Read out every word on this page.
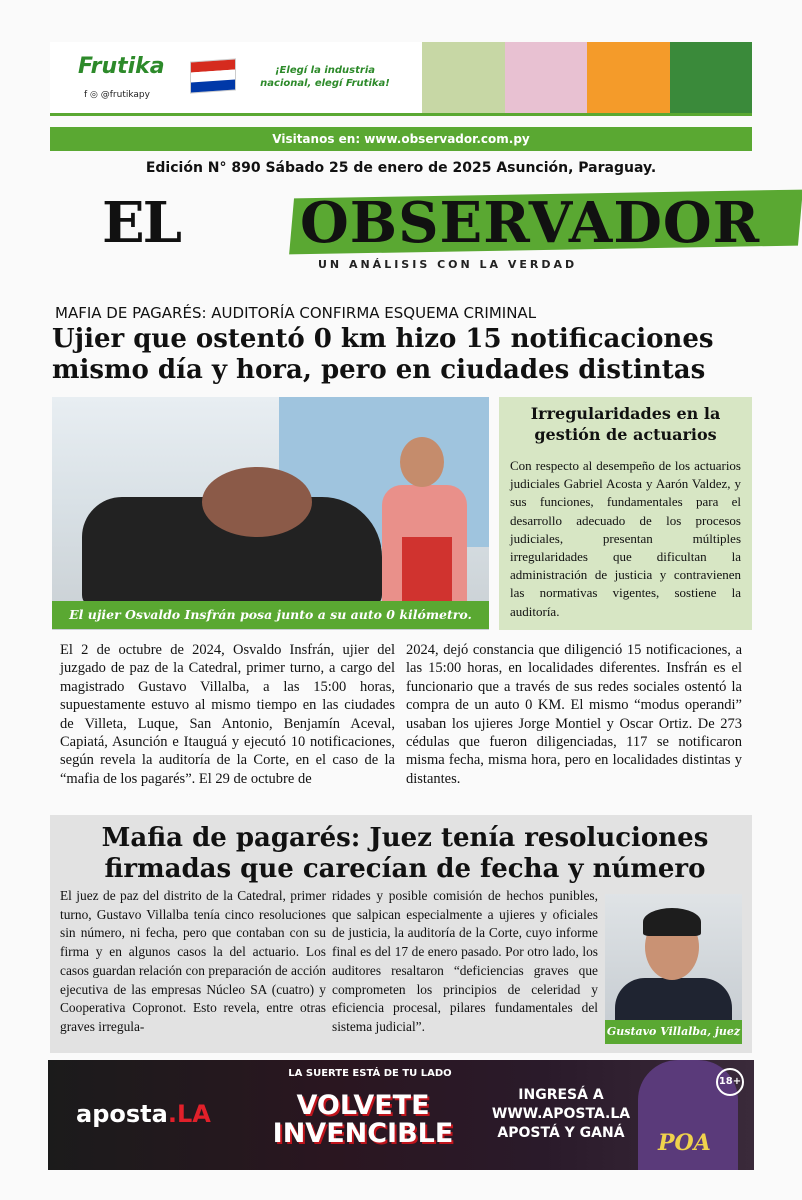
Frutika
f ◎ @frutikapy
¡Elegí la industria nacional, elegí Frutika!
Visitanos en: www.observador.com.py
Edición N° 890 Sábado 25 de enero de 2025 Asunción, Paraguay.
EL OBSERVADOR
UN ANÁLISIS CON LA VERDAD
MAFIA DE PAGARÉS: AUDITORÍA CONFIRMA ESQUEMA CRIMINAL
Ujier que ostentó 0 km hizo 15 notificaciones mismo día y hora, pero en ciudades distintas
El ujier Osvaldo Insfrán posa junto a su auto 0 kilómetro.
Irregularidades en la gestión de actuarios

Con respecto al desempeño de los actuarios judiciales Gabriel Acosta y Aarón Valdez, y sus funciones, fundamentales para el desarrollo adecuado de los procesos judiciales, presentan múltiples irregularidades que dificultan la administración de justicia y contravienen las normativas vigentes, sostiene la auditoría.

El 2 de octubre de 2024, Osvaldo Insfrán, ujier del juzgado de paz de la Catedral, primer turno, a cargo del magistrado Gustavo Villalba, a las 15:00 horas, supuestamente estuvo al mismo tiempo en las ciudades de Villeta, Luque, San Antonio, Benjamín Aceval, Capiatá, Asunción e Itauguá y ejecutó 10 notificaciones, según revela la auditoría de la Corte, en el caso de la “mafia de los pagarés”. El 29 de octubre de
2024, dejó constancia que diligenció 15 notificaciones, a las 15:00 horas, en localidades diferentes. Insfrán es el funcionario que a través de sus redes sociales ostentó la compra de un auto 0 KM. El mismo “modus operandi” usaban los ujieres Jorge Montiel y Oscar Ortiz. De 273 cédulas que fueron diligenciadas, 117 se notificaron misma fecha, misma hora, pero en localidades distintas y distantes.
Mafia de pagarés: Juez tenía resoluciones firmadas que carecían de fecha y número
El juez de paz del distrito de la Catedral, primer turno, Gustavo Villalba tenía cinco resoluciones sin número, ni fecha, pero que contaban con su firma y en algunos casos la del actuario. Los casos guardan relación con preparación de acción ejecutiva de las empresas Núcleo SA (cuatro) y Cooperativa Copronot. Esto revela, entre otras graves irregula-
ridades y posible comisión de hechos punibles, que salpican especialmente a ujieres y oficiales de justicia, la auditoría de la Corte, cuyo informe final es del 17 de enero pasado. Por otro lado, los auditores resaltaron “deficiencias graves que comprometen los principios de celeridad y eficiencia procesal, pilares fundamentales del sistema judicial”.	Gustavo Villalba, juez
aposta.LA
LA SUERTE ESTÁ DE TU LADO
VOLVETE INVENCIBLE
INGRESÁ A WWW.APOSTA.LA APOSTÁ Y GANÁ	POA
18+
